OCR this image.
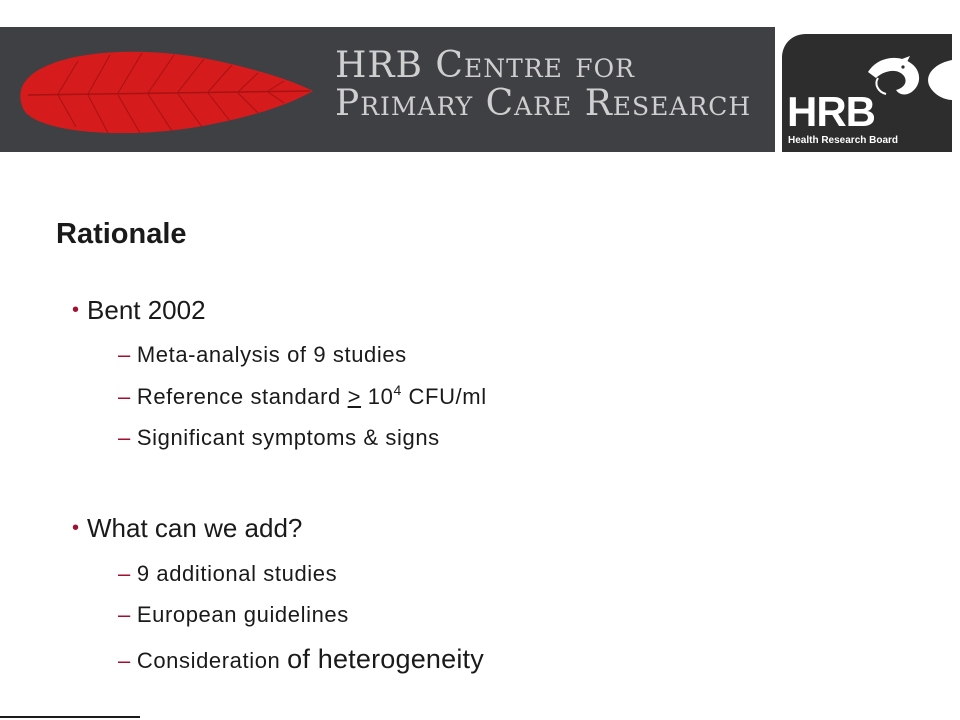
HRB Centre for
Primary Care Research HRB
Health Research Board
Rationale
• Bent 2002
– Meta-analysis of 9 studies
– Reference standard > $10^4$ CFU/ml
– Significant symptoms & signs
• What can we add?
– 9 additional studies
– European guidelines
– Consideration of heterogeneity
